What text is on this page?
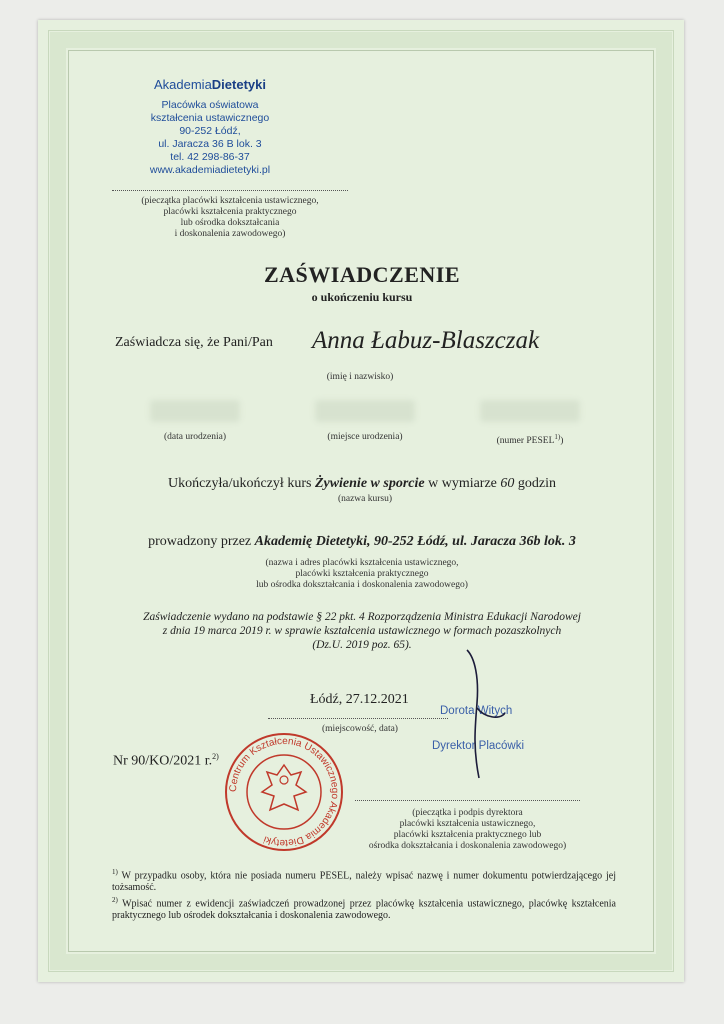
AkademiaDietetyki
Placówka oświatowa
kształcenia ustawicznego
90-252 Łódź,
ul. Jaracza 36 B lok. 3
tel. 42 298-86-37
www.akademiadietetyki.pl
(pieczątka placówki kształcenia ustawicznego,
placówki kształcenia praktycznego
lub ośrodka dokształcania
i doskonalenia zawodowego)
ZAŚWIADCZENIE
o ukończeniu kursu
Zaświadcza się, że Pani/Pan Anna Łabuz-Blaszczak
(imię i nazwisko)
(data urodzenia)	(miejsce urodzenia)	(numer PESEL$^{1)}$)
Ukończyła/ukończył kurs Żywienie w sporcie w wymiarze 60 godzin
(nazwa kursu)
prowadzony przez Akademię Dietetyki, 90-252 Łódź, ul. Jaracza 36b lok. 3
(nazwa i adres placówki kształcenia ustawicznego,
placówki kształcenia praktycznego
lub ośrodka dokształcania i doskonalenia zawodowego)
Zaświadczenie wydano na podstawie § 22 pkt. 4 Rozporządzenia Ministra Edukacji Narodowej
z dnia 19 marca 2019 r. w sprawie kształcenia ustawicznego w formach pozaszkolnych
(Dz.U. 2019 poz. 65).
Łódź, 27.12.2021
(miejscowość, data)
Dorota Witych
Dyrektor Placówki
Nr 90/KO/2021 r.$^{2)}$
Centrum Kształcenia Ustawicznego Akademia Dietetyki
(pieczątka i podpis dyrektora
placówki kształcenia ustawicznego,
placówki kształcenia praktycznego lub
ośrodka dokształcania i doskonalenia zawodowego)
$^{1)}$ W przypadku osoby, która nie posiada numeru PESEL, należy wpisać nazwę i numer dokumentu potwierdzającego jej tożsamość.
$^{2)}$ Wpisać numer z ewidencji zaświadczeń prowadzonej przez placówkę kształcenia ustawicznego, placówkę kształcenia praktycznego lub ośrodek dokształcania i doskonalenia zawodowego.
